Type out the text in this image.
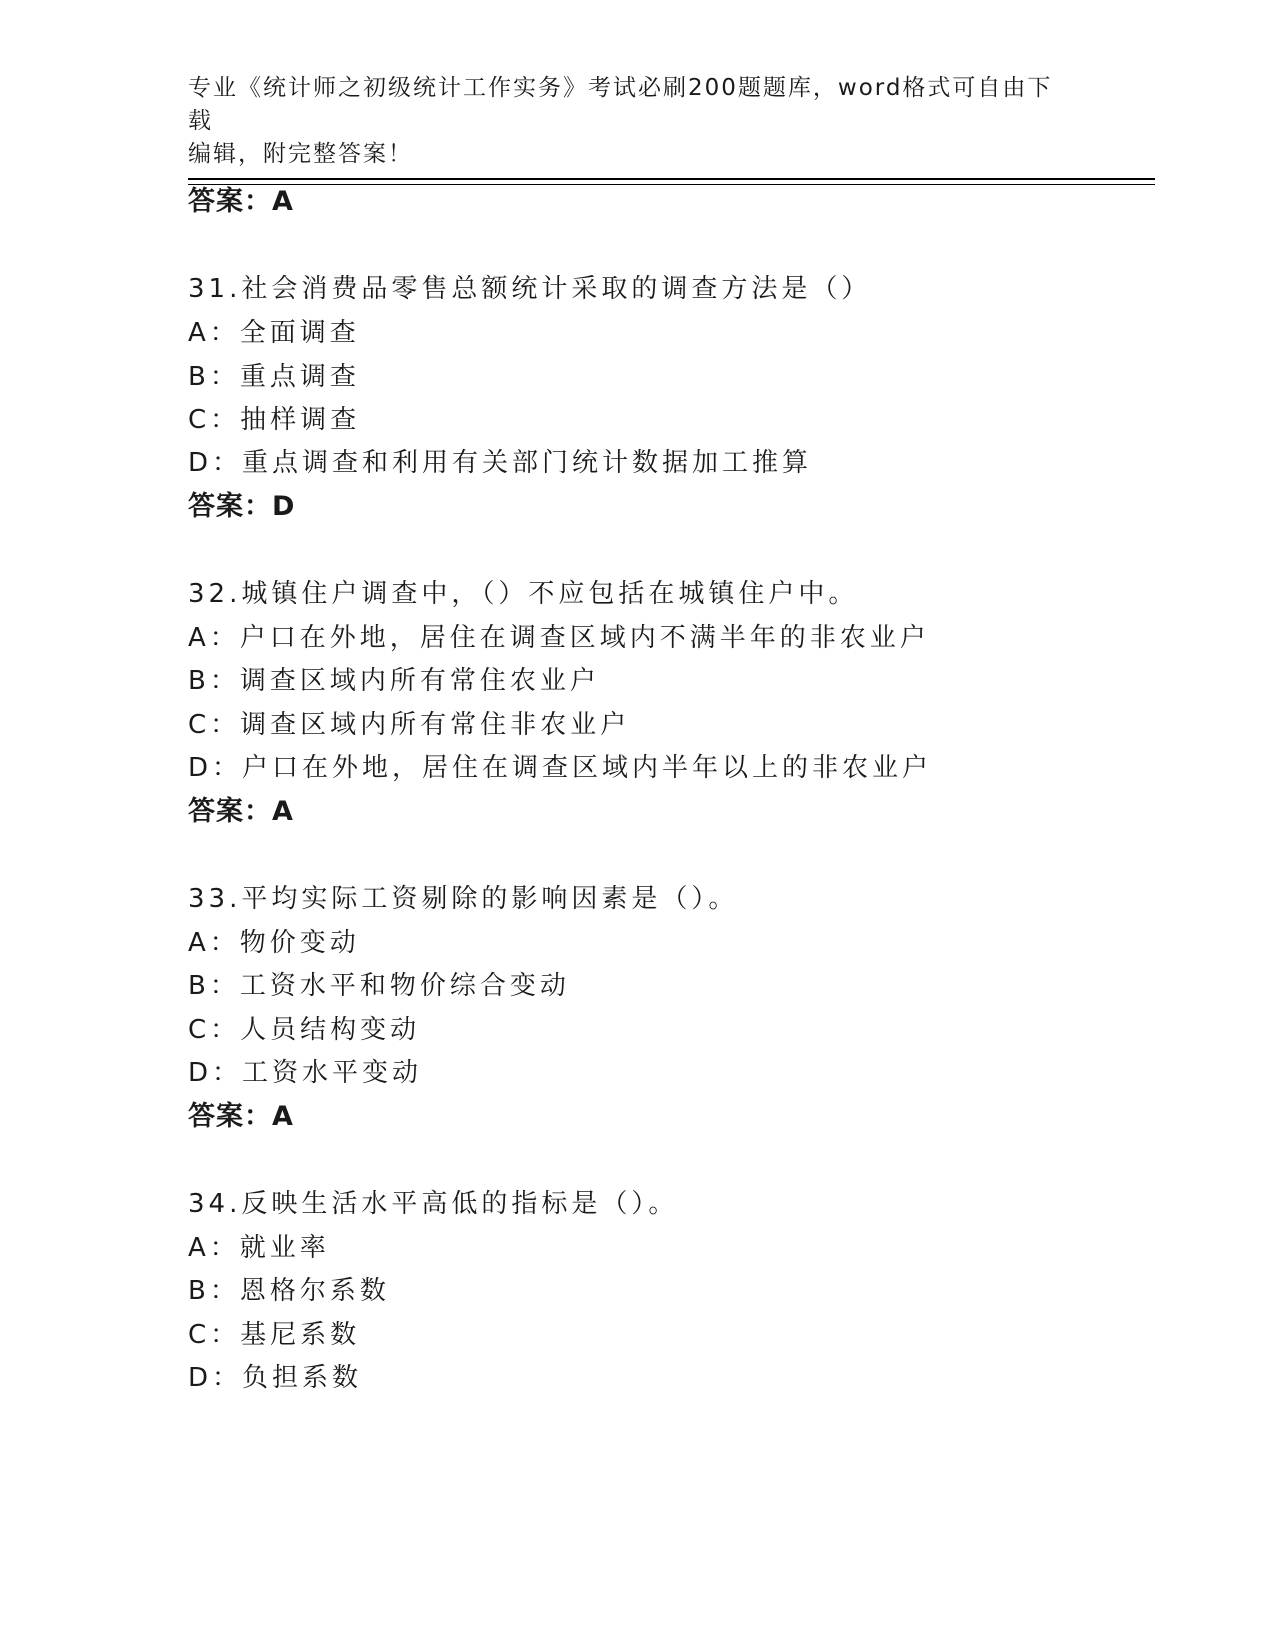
专业《统计师之初级统计工作实务》考试必刷200题题库，word格式可自由下载
编辑，附完整答案！
答案：A
31.社会消费品零售总额统计采取的调查方法是（）
A：全面调查
B：重点调查
C：抽样调查
D：重点调查和利用有关部门统计数据加工推算
答案：D
32.城镇住户调查中，（）不应包括在城镇住户中。
A：户口在外地，居住在调查区域内不满半年的非农业户
B：调查区域内所有常住农业户
C：调查区域内所有常住非农业户
D：户口在外地，居住在调查区域内半年以上的非农业户
答案：A
33.平均实际工资剔除的影响因素是（）。
A：物价变动
B：工资水平和物价综合变动
C：人员结构变动
D：工资水平变动
答案：A
34.反映生活水平高低的指标是（）。
A：就业率
B：恩格尔系数
C：基尼系数
D：负担系数
